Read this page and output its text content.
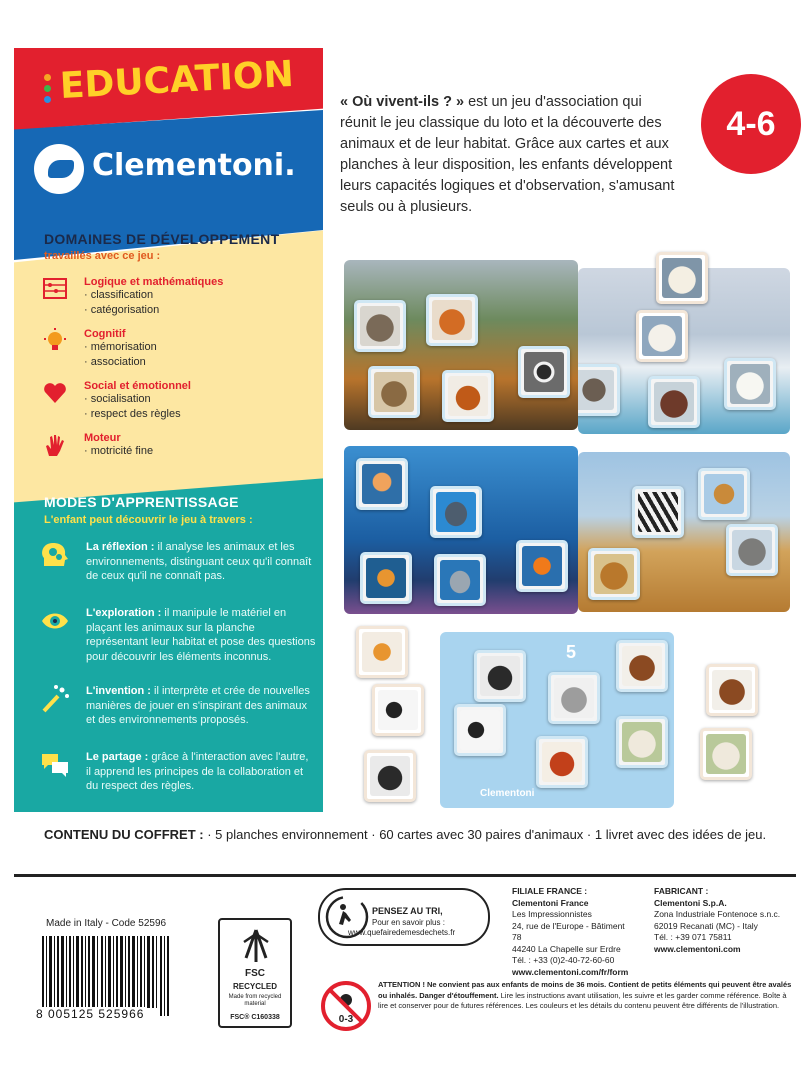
EDUCATION
Clementoni.
DOMAINES DE DÉVELOPPEMENT
travaillés avec ce jeu :
Logique et mathématiques
· classification
· catégorisation
Cognitif
· mémorisation
· association
Social et émotionnel
· socialisation
· respect des règles
Moteur
· motricité fine
MODES D'APPRENTISSAGE
L'enfant peut découvrir le jeu à travers :
La réflexion : il analyse les animaux et les environnements, distinguant ceux qu'il connaît de ceux qu'il ne connaît pas.
L'exploration : il manipule le matériel en plaçant les animaux sur la planche représentant leur habitat et pose des questions pour découvrir les éléments inconnus.
L'invention : il interprète et crée de nouvelles manières de jouer en s'inspirant des animaux et des environnements proposés.
Le partage : grâce à l'interaction avec l'autre, il apprend les principes de la collaboration et du respect des règles.
« Où vivent-ils ? » est un jeu d'association qui réunit le jeu classique du loto et la découverte des animaux et de leur habitat. Grâce aux cartes et aux planches à leur disposition, les enfants développent leurs capacités logiques et d'observation, s'amusant seuls ou à plusieurs.
4-6
5
Clementoni
CONTENU DU COFFRET : · 5 planches environnement · 60 cartes avec 30 paires d'animaux · 1 livret avec des idées de jeu.
Made in Italy - Code 52596
8 005125 525966
FSC
RECYCLED
Made from recycled material
FSC® C160338
PENSEZ AU TRI,
Pour en savoir plus :
www.quefairedemesdechets.fr
FILIALE FRANCE :
Clementoni France
Les Impressionnistes
24, rue de l'Europe - Bâtiment 78
44240 La Chapelle sur Erdre
Tél. : +33 (0)2-40-72-60-60
www.clementoni.com/fr/form
FABRICANT :
Clementoni S.p.A.
Zona Industriale Fontenoce s.n.c.
62019 Recanati (MC) - Italy
Tél. : +39 071 75811
www.clementoni.com
0-3
ATTENTION ! Ne convient pas aux enfants de moins de 36 mois. Contient de petits éléments qui peuvent être avalés ou inhalés. Danger d'étouffement. Lire les instructions avant utilisation, les suivre et les garder comme référence. Boîte à lire et conserver pour de futures références. Les couleurs et les détails du contenu peuvent être différents de l'illustration.
